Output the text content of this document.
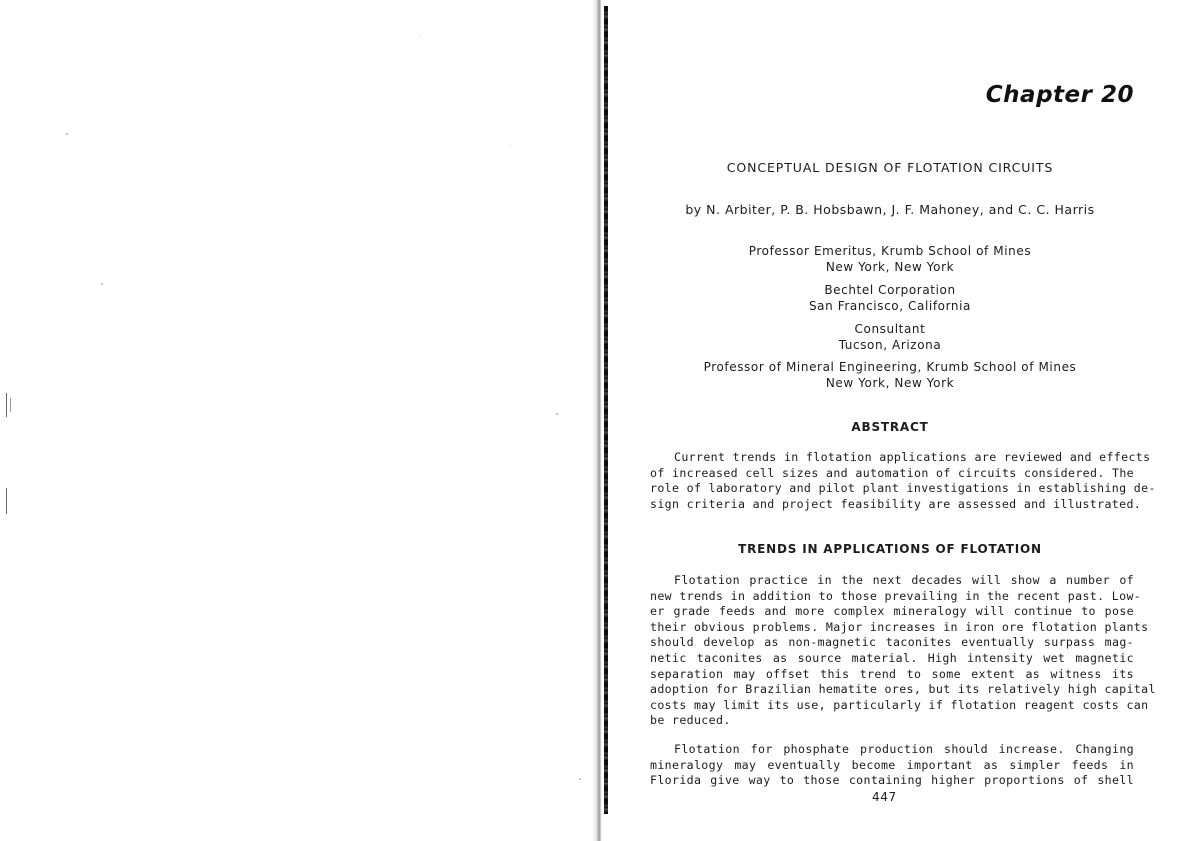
Chapter 20

CONCEPTUAL DESIGN OF FLOTATION CIRCUITS

by N. Arbiter, P. B. Hobsbawn, J. F. Mahoney, and C. C. Harris

Professor Emeritus, Krumb School of Mines
New York, New York
Bechtel Corporation
San Francisco, California
Consultant
Tucson, Arizona
Professor of Mineral Engineering, Krumb School of Mines
New York, New York
ABSTRACT
Current trends in flotation applications are reviewed and effects
of increased cell sizes and automation of circuits considered. The
role of laboratory and pilot plant investigations in establishing de-
sign criteria and project feasibility are assessed and illustrated.
TRENDS IN APPLICATIONS OF FLOTATION
Flotation practice in the next decades will show a number of
new trends in addition to those prevailing in the recent past. Low-
er grade feeds and more complex mineralogy will continue to pose
their obvious problems. Major increases in iron ore flotation plants
should develop as non-magnetic taconites eventually surpass mag-
netic taconites as source material. High intensity wet magnetic
separation may offset this trend to some extent as witness its
adoption for Brazilian hematite ores, but its relatively high capital
costs may limit its use, particularly if flotation reagent costs can
be reduced.
Flotation for phosphate production should increase. Changing
mineralogy may eventually become important as simpler feeds in
Florida give way to those containing higher proportions of shell

447
